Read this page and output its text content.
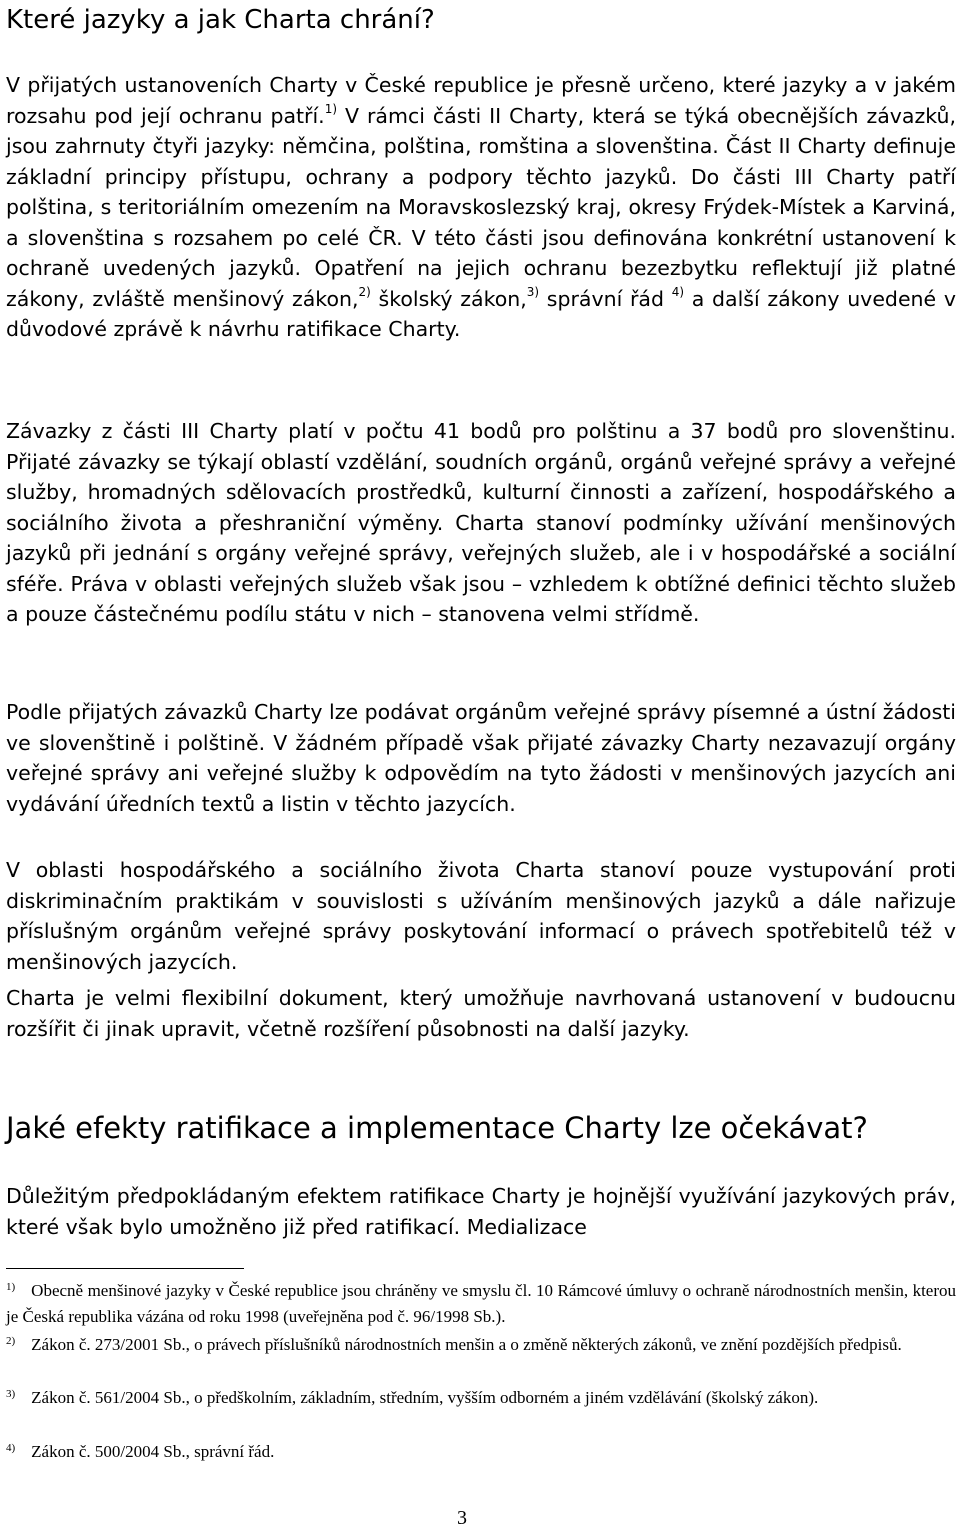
Které jazyky a jak Charta chrání?

V přijatých ustanoveních Charty v České republice je přesně určeno, které jazyky a v jakém rozsahu pod její ochranu patří.$^{1)}$ V rámci části II Charty, která se týká obecnějších závazků, jsou zahrnuty čtyři jazyky: němčina, polština, romština a slovenština. Část II Charty definuje základní principy přístupu, ochrany a podpory těchto jazyků. Do části III Charty patří polština, s teritoriálním omezením na Moravskoslezský kraj, okresy Frýdek-Místek a Karviná, a slovenština s rozsahem po celé ČR. V této části jsou definována konkrétní ustanovení k ochraně uvedených jazyků. Opatření na jejich ochranu bezezbytku reflektují již platné zákony, zvláště menšinový zákon,$^{2)}$ školský zákon,$^{3)}$ správní řád $^{4)}$ a další zákony uvedené v důvodové zprávě k návrhu ratifikace Charty.

Závazky z části III Charty platí v počtu 41 bodů pro polštinu a 37 bodů pro slovenštinu. Přijaté závazky se týkají oblastí vzdělání, soudních orgánů, orgánů veřejné správy a veřejné služby, hromadných sdělovacích prostředků, kulturní činnosti a zařízení, hospodářského a sociálního života a přeshraniční výměny. Charta stanoví podmínky užívání menšinových jazyků při jednání s orgány veřejné správy, veřejných služeb, ale i v hospodářské a sociální sféře. Práva v oblasti veřejných služeb však jsou – vzhledem k obtížné definici těchto služeb a pouze částečnému podílu státu v nich – stanovena velmi střídmě.

Podle přijatých závazků Charty lze podávat orgánům veřejné správy písemné a ústní žádosti ve slovenštině i polštině. V žádném případě však přijaté závazky Charty nezavazují orgány veřejné správy ani veřejné služby k odpovědím na tyto žádosti v menšinových jazycích ani vydávání úředních textů a listin v těchto jazycích.

V oblasti hospodářského a sociálního života Charta stanoví pouze vystupování proti diskriminačním praktikám v souvislosti s užíváním menšinových jazyků a dále nařizuje příslušným orgánům veřejné správy poskytování informací o právech spotřebitelů též v menšinových jazycích.

Charta je velmi flexibilní dokument, který umožňuje navrhovaná ustanovení v budoucnu rozšířit či jinak upravit, včetně rozšíření působnosti na další jazyky.

Jaké efekty ratifikace a implementace Charty lze očekávat?

Důležitým předpokládaným efektem ratifikace Charty je hojnější využívání jazykových práv, které však bylo umožněno již před ratifikací. Medializace

$^{1)}$ Obecně menšinové jazyky v České republice jsou chráněny ve smyslu čl. 10 Rámcové úmluvy o ochraně národnostních menšin, kterou je Česká republika vázána od roku 1998 (uveřejněna pod č. 96/1998 Sb.).

$^{2)}$ Zákon č. 273/2001 Sb., o právech příslušníků národnostních menšin a o změně některých zákonů, ve znění pozdějších předpisů.

$^{3)}$ Zákon č. 561/2004 Sb., o předškolním, základním, středním, vyšším odborném a jiném vzdělávání (školský zákon).

$^{4)}$ Zákon č. 500/2004 Sb., správní řád.

3
